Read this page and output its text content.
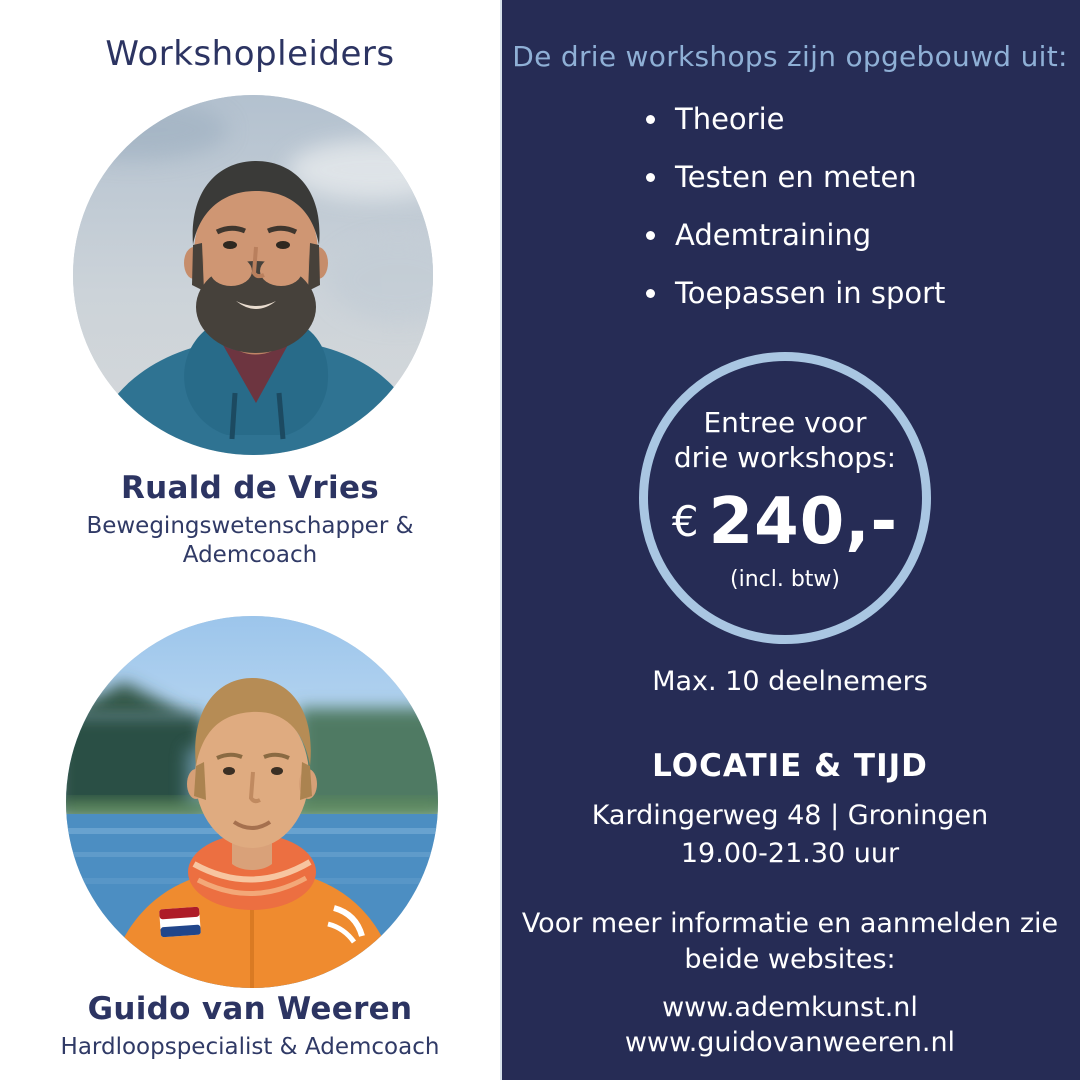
Workshopleiders
Ruald de Vries
Bewegingswetenschapper & Ademcoach
Guido van Weeren
Hardloopspecialist & Ademcoach
De drie workshops zijn opgebouwd uit:
Theorie
Testen en meten
Ademtraining
Toepassen in sport
Entree voor
drie workshops:
€ 240,-
(incl. btw)
Max. 10 deelnemers
LOCATIE & TIJD
Kardingerweg 48 | Groningen
19.00-21.30 uur
Voor meer informatie en aanmelden zie
beide websites:
www.ademkunst.nl
www.guidovanweeren.nl
